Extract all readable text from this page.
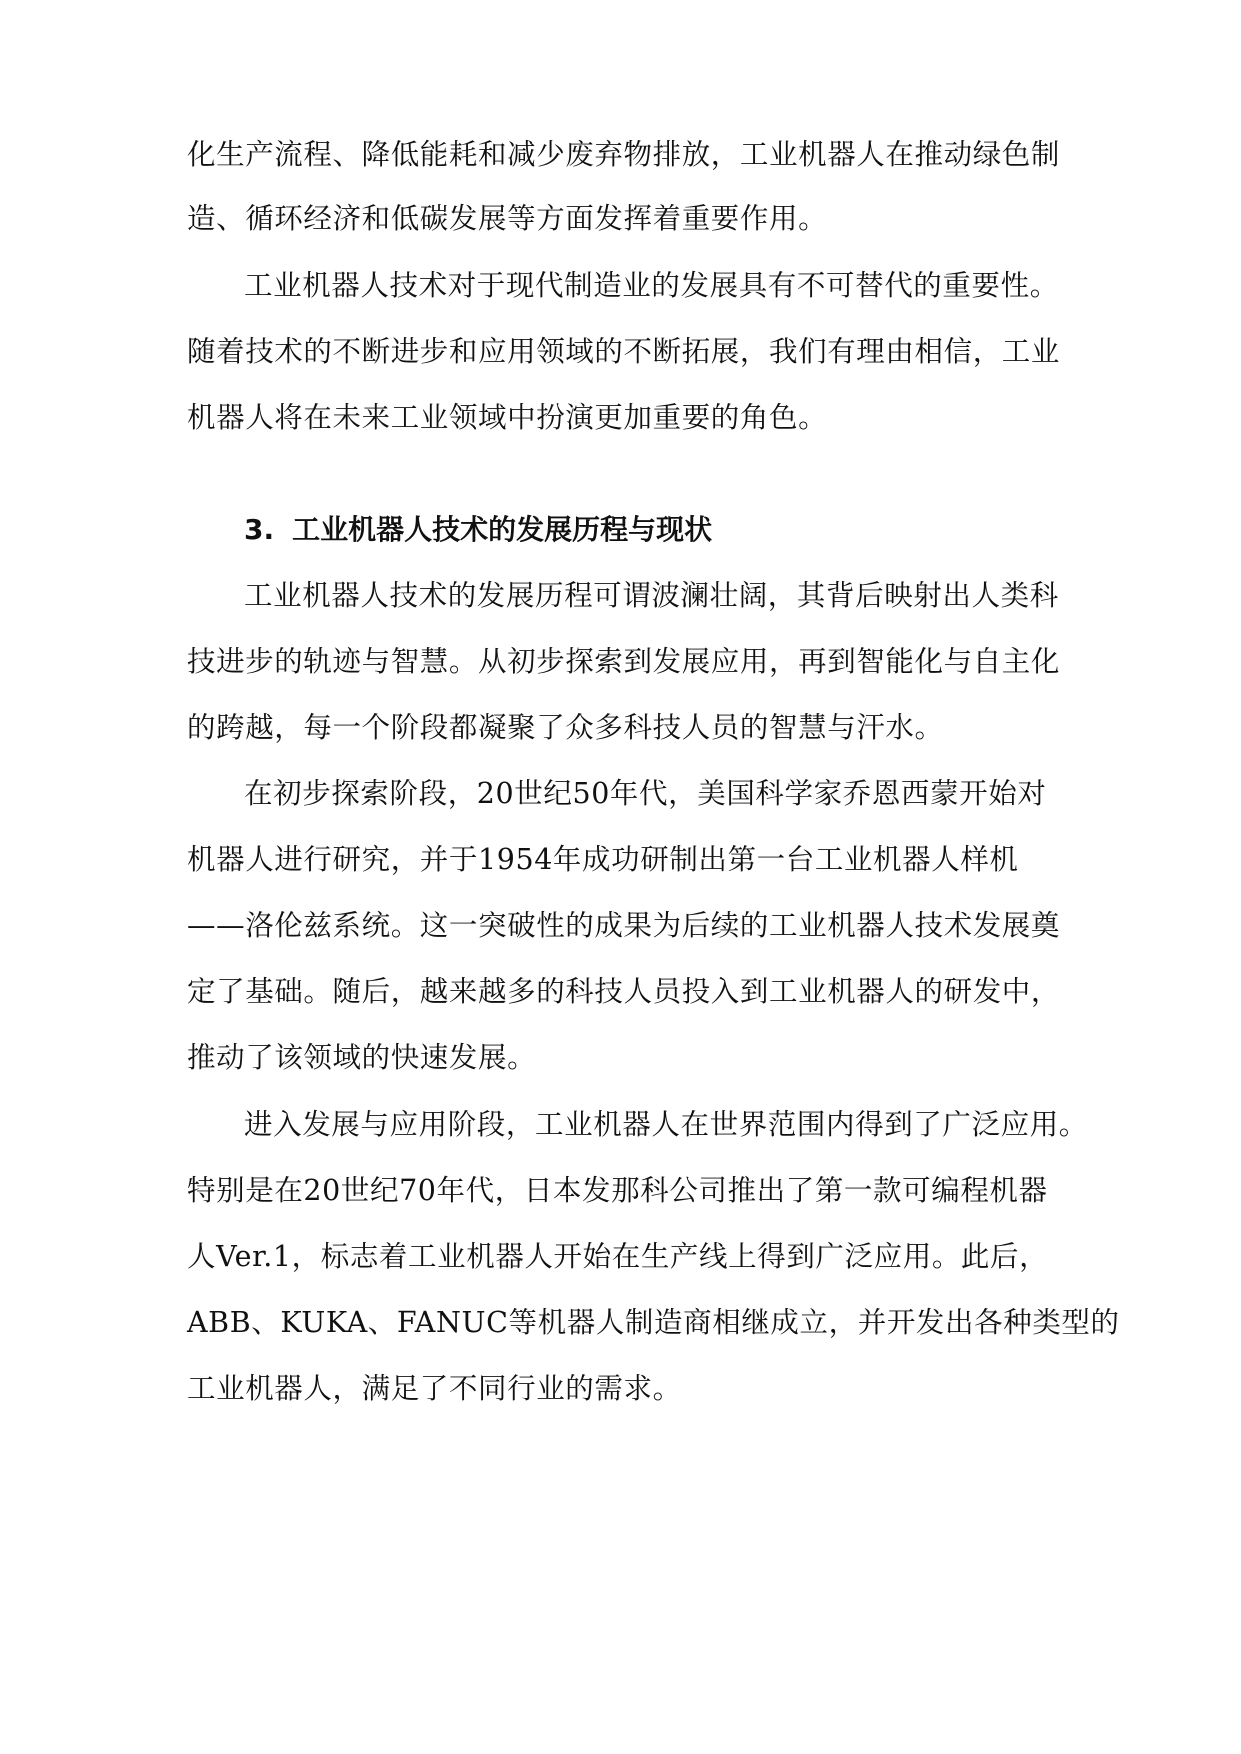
化生产流程、降低能耗和减少废弃物排放，工业机器人在推动绿色制
造、循环经济和低碳发展等方面发挥着重要作用。
工业机器人技术对于现代制造业的发展具有不可替代的重要性。
随着技术的不断进步和应用领域的不断拓展，我们有理由相信，工业
机器人将在未来工业领域中扮演更加重要的角色。
3. 工业机器人技术的发展历程与现状
工业机器人技术的发展历程可谓波澜壮阔，其背后映射出人类科
技进步的轨迹与智慧。从初步探索到发展应用，再到智能化与自主化
的跨越，每一个阶段都凝聚了众多科技人员的智慧与汗水。
在初步探索阶段，20世纪50年代，美国科学家乔恩西蒙开始对
机器人进行研究，并于1954年成功研制出第一台工业机器人样机
——洛伦兹系统。这一突破性的成果为后续的工业机器人技术发展奠
定了基础。随后，越来越多的科技人员投入到工业机器人的研发中，
推动了该领域的快速发展。
进入发展与应用阶段，工业机器人在世界范围内得到了广泛应用。
特别是在20世纪70年代，日本发那科公司推出了第一款可编程机器
人Ver.1，标志着工业机器人开始在生产线上得到广泛应用。此后，
ABB、KUKA、FANUC等机器人制造商相继成立，并开发出各种类型的
工业机器人，满足了不同行业的需求。
